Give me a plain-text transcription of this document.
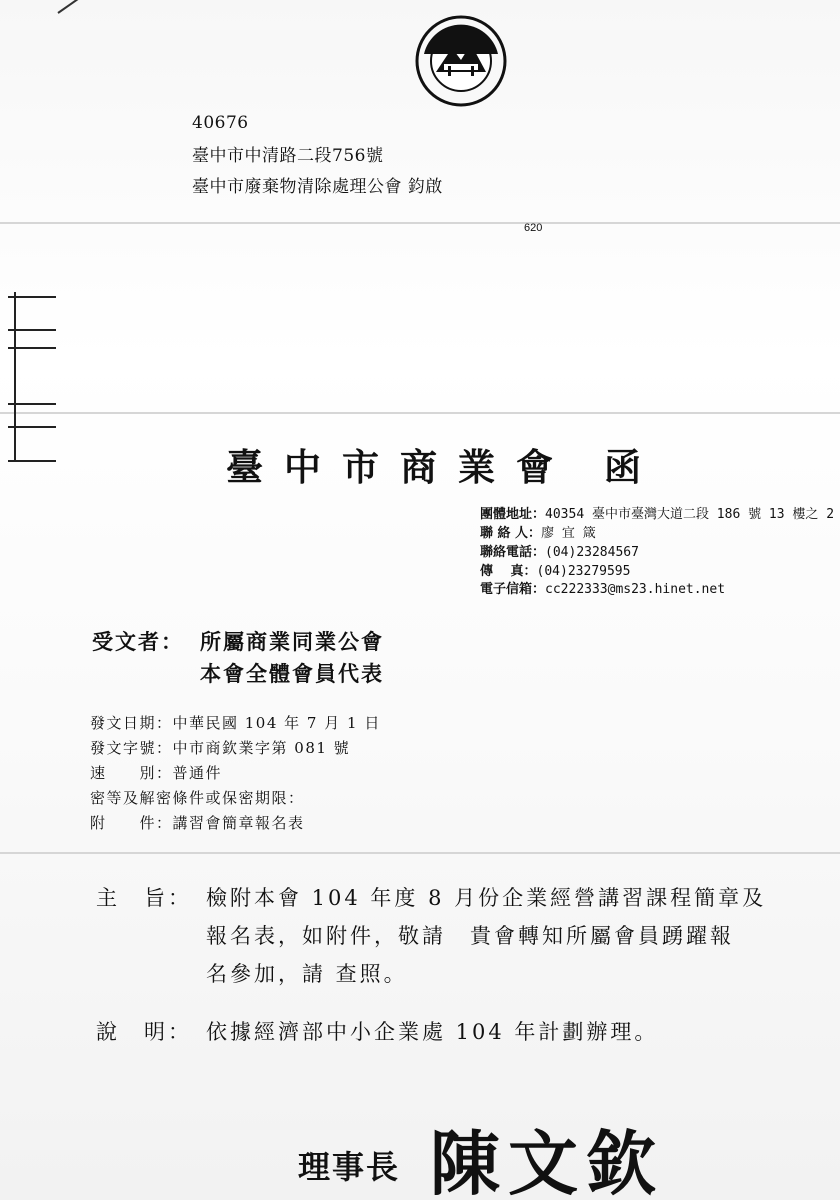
40676
臺中市中清路二段756號
臺中市廢棄物清除處理公會 鈞啟
620
臺中市商業會 函
團體地址：40354 臺中市臺灣大道二段 186 號 13 樓之 2
聯 絡 人：廖 宜 箴
聯絡電話：(04)23284567
傳　 真：(04)23279595
電子信箱：cc222333@ms23.hinet.net
受文者： 所屬商業同業公會
本會全體會員代表
發文日期：中華民國 104 年 7 月 1 日
發文字號：中市商欽業字第 081 號
速　　別：普通件
密等及解密條件或保密期限：
附　　件：講習會簡章報名表
主　旨： 檢附本會 104 年度 8 月份企業經營講習課程簡章及
報名表，如附件，敬請　貴會轉知所屬會員踴躍報
名參加，請 查照。
說　明： 依據經濟部中小企業處 104 年計劃辦理。
理事長 陳文欽
